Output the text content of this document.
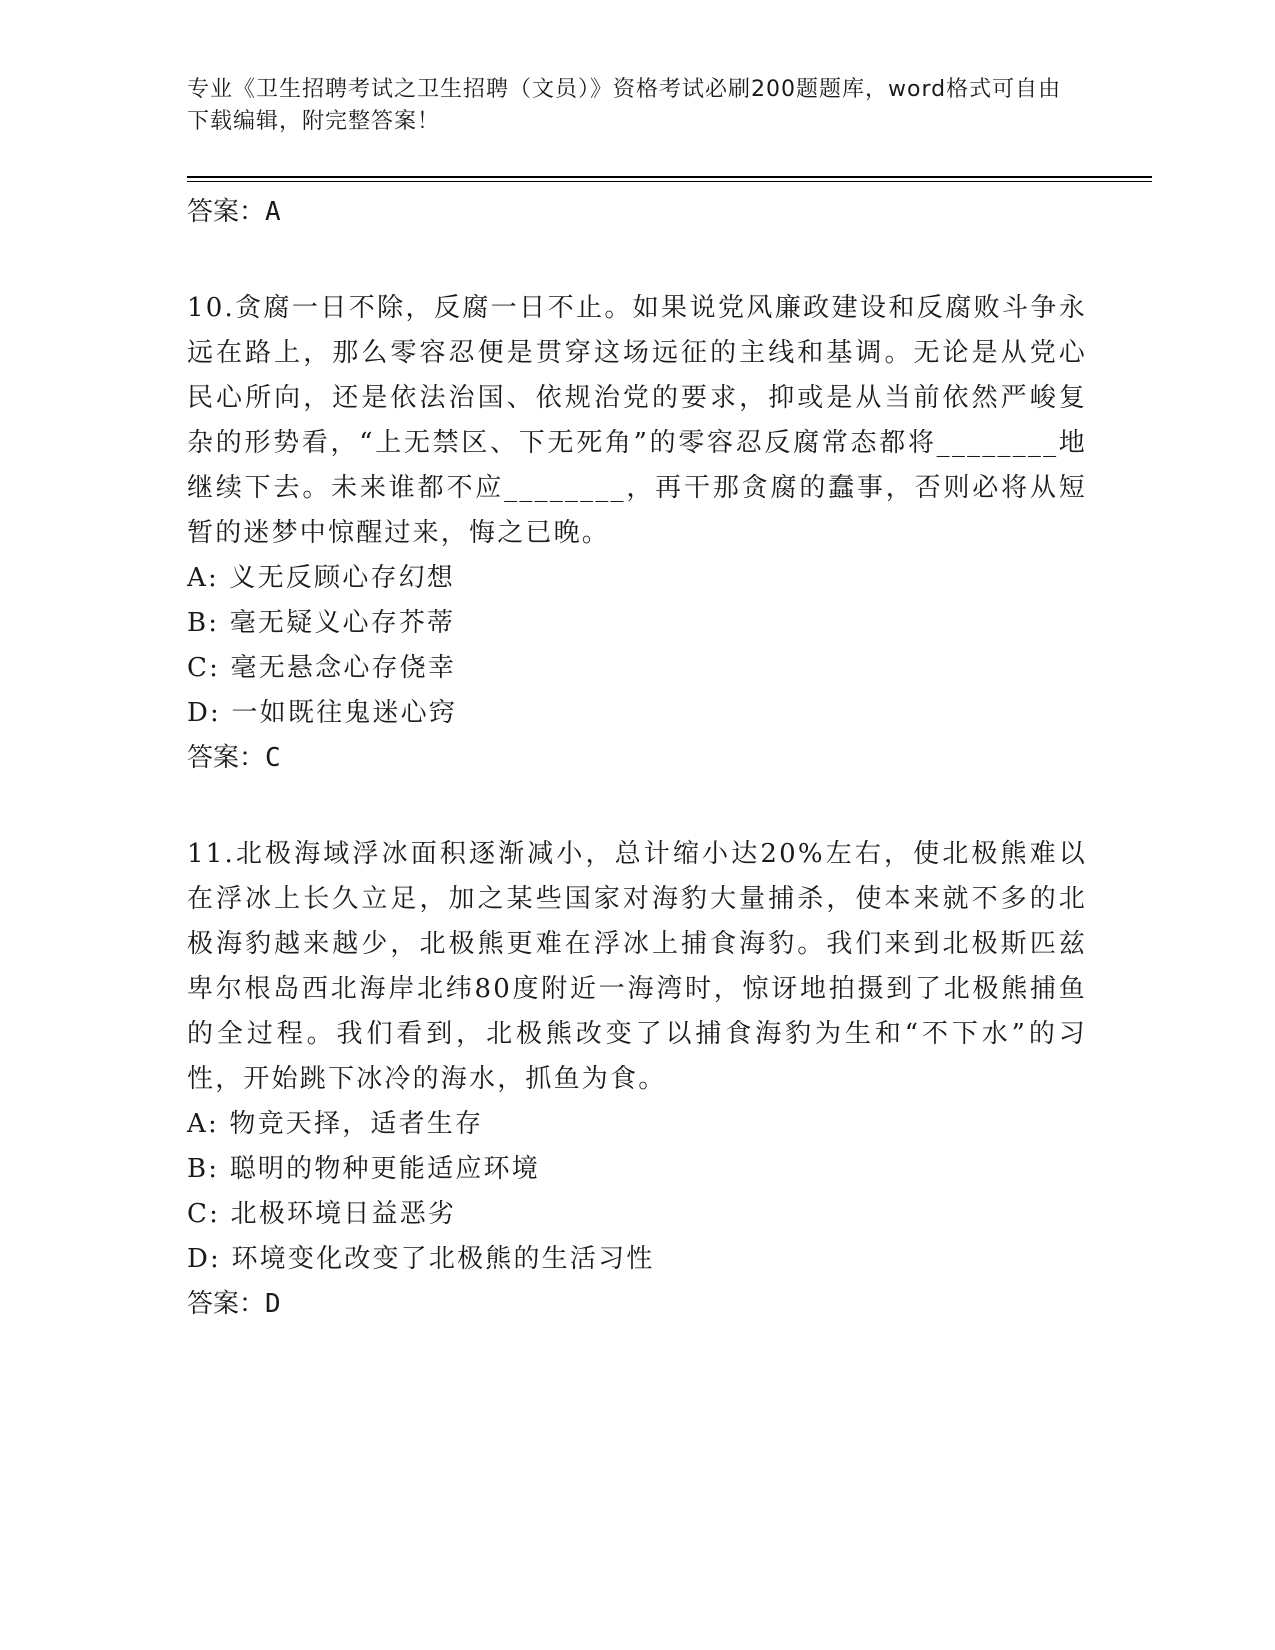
专业《卫生招聘考试之卫生招聘（文员）》资格考试必刷200题题库，word格式可自由下载编辑，附完整答案！

答案：A

10.贪腐一日不除，反腐一日不止。如果说党风廉政建设和反腐败斗争永远在路上，那么零容忍便是贯穿这场远征的主线和基调。无论是从党心民心所向，还是依法治国、依规治党的要求，抑或是从当前依然严峻复杂的形势看，“上无禁区、下无死角”的零容忍反腐常态都将________地继续下去。未来谁都不应________，再干那贪腐的蠢事，否则必将从短暂的迷梦中惊醒过来，悔之已晚。

A: 义无反顾心存幻想

B: 毫无疑义心存芥蒂

C: 毫无悬念心存侥幸

D: 一如既往鬼迷心窍

答案：C

11.北极海域浮冰面积逐渐减小，总计缩小达20%左右，使北极熊难以在浮冰上长久立足，加之某些国家对海豹大量捕杀，使本来就不多的北极海豹越来越少，北极熊更难在浮冰上捕食海豹。我们来到北极斯匹兹卑尔根岛西北海岸北纬80度附近一海湾时，惊讶地拍摄到了北极熊捕鱼的全过程。我们看到，北极熊改变了以捕食海豹为生和“不下水”的习性，开始跳下冰冷的海水，抓鱼为食。

A: 物竞天择，适者生存

B: 聪明的物种更能适应环境

C: 北极环境日益恶劣

D: 环境变化改变了北极熊的生活习性

答案：D
